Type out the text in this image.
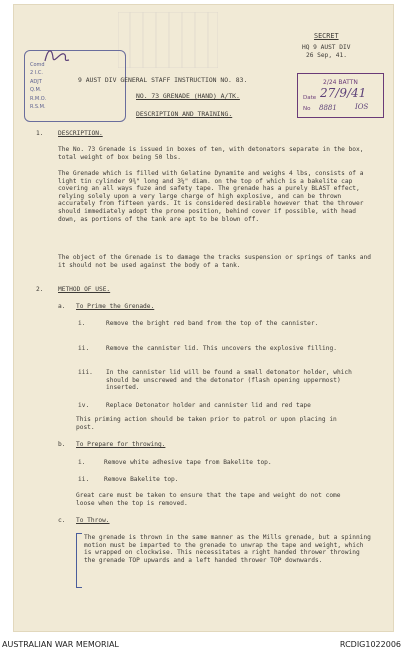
SECRET
HQ 9 AUST DIV
26 Sep, 41.
Comd
2 I.C.
ADJT
Q.M.
R.M.O.
R.S.M.
9 AUST DIV GENERAL STAFF INSTRUCTION NO. 83.
NO. 73 GRENADE (HAND) A/TK.
DESCRIPTION AND TRAINING.
2/24 BATTN
Date 27/9/41
No 8881	IOS
1. DESCRIPTION.
The No. 73 Grenade is issued in boxes of ten, with detonators separate in the box, total weight of box being 50 lbs.
The Grenade which is filled with Gelatine Dynamite and weighs 4 lbs, consists of a light tin cylinder 9¾" long and 3¼" diam. on the top of which is a bakelite cap covering an all ways fuze and safety tape. The grenade has a purely BLAST effect, relying solely upon a very large charge of high explosive, and can be thrown accurately from fifteen yards. It is considered desirable however that the thrower should immediately adopt the prone position, behind cover if possible, with head down, as portions of the tank are apt to be blown off.
The object of the Grenade is to damage the tracks suspension or springs of tanks and it should not be used against the body of a tank.
2. METHOD OF USE.
a. To Prime the Grenade.
i.	Remove the bright red band from the top of the cannister.
ii.	Remove the cannister lid. This uncovers the explosive filling.
iii. In the cannister lid will be found a small detonator holder, which should be unscrewed and the detonator (flash opening uppermost) inserted.
iv.	Replace Detonator holder and cannister lid and red tape
This priming action should be taken prior to patrol or upon placing in post.
b. To Prepare for throwing.
i.	Remove white adhesive tape from Bakelite top.
ii. Remove Bakelite top.
Great care must be taken to ensure that the tape and weight do not come loose when the top is removed.
c. To Throw.
The grenade is thrown in the same manner as the Mills grenade, but a spinning motion must be imparted to the grenade to unwrap the tape and weight, which is wrapped on clockwise. This necessitates a right handed thrower throwing the grenade TOP upwards and a left handed thrower TOP downwards.
AUSTRALIAN WAR MEMORIAL	RCDIG1022006
